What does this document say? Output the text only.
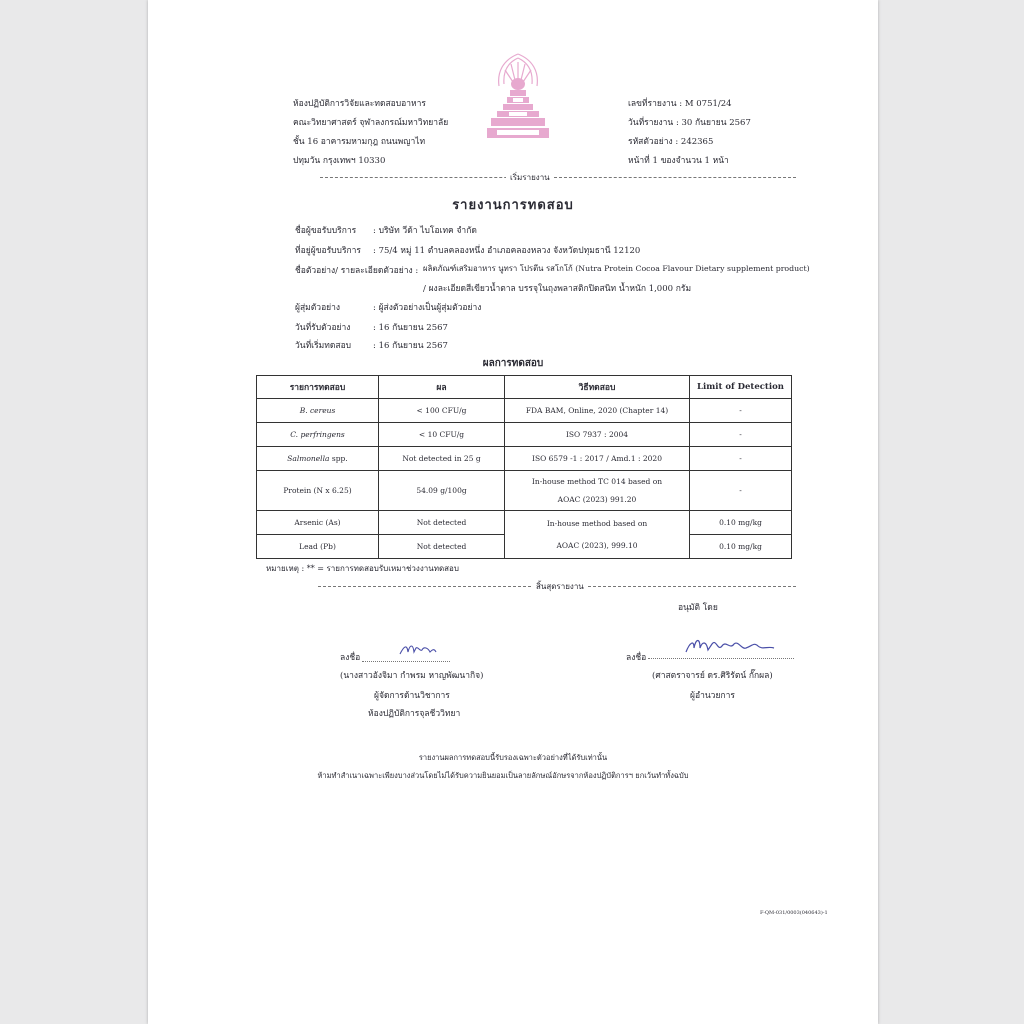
ห้องปฏิบัติการวิจัยและทดสอบอาหาร
คณะวิทยาศาสตร์ จุฬาลงกรณ์มหาวิทยาลัย
ชั้น 16 อาคารมหามกุฎ ถนนพญาไท
ปทุมวัน กรุงเทพฯ 10330
เลขที่รายงาน : M 0751/24
วันที่รายงาน : 30 กันยายน 2567
รหัสตัวอย่าง : 242365
หน้าที่ 1 ของจำนวน 1 หน้า
เริ่มรายงาน
รายงานการทดสอบ
ชื่อผู้ขอรับบริการ : บริษัท วีด้า ไบโอเทค จำกัด
ที่อยู่ผู้ขอรับบริการ : 75/4 หมู่ 11 ตำบลคลองหนึ่ง อำเภอคลองหลวง จังหวัดปทุมธานี 12120
ชื่อตัวอย่าง/ รายละเอียดตัวอย่าง : ผลิตภัณฑ์เสริมอาหาร นูทรา โปรตีน รสโกโก้ (Nutra Protein Cocoa Flavour Dietary supplement product)
/ ผงละเอียดสีเขียวน้ำตาล บรรจุในถุงพลาสติกปิดสนิท น้ำหนัก 1,000 กรัม
ผู้สุ่มตัวอย่าง	: ผู้ส่งตัวอย่างเป็นผู้สุ่มตัวอย่าง
วันที่รับตัวอย่าง	: 16 กันยายน 2567
วันที่เริ่มทดสอบ	: 16 กันยายน 2567
ผลการทดสอบ
รายการทดสอบ	ผล	วิธีทดสอบ	Limit of Detection
B. cereus	< 100 CFU/g	FDA BAM, Online, 2020 (Chapter 14)	-
C. perfringens	< 10 CFU/g	ISO 7937 : 2004	-
Salmonella spp.	Not detected in 25 g	ISO 6579 -1 : 2017 / Amd.1 : 2020	-
Protein (N x 6.25)	54.09 g/100g	In-house method TC 014 based on
AOAC (2023) 991.20	-
Arsenic (As)	Not detected	In-house method based on
AOAC (2023), 999.10	0.10 mg/kg
Lead (Pb)	Not detected		0.10 mg/kg
หมายเหตุ : ** = รายการทดสอบรับเหมาช่วงงานทดสอบ
สิ้นสุดรายงาน
อนุมัติ โดย
ลงชื่อ
(นางสาวอังจิมา กำพรม หาญพัฒนากิจ)
ผู้จัดการด้านวิชาการ
ห้องปฏิบัติการจุลชีววิทยา
ลงชื่อ
(ศาสตราจารย์ ดร.ศิริรัตน์ กั๊กผล)
ผู้อำนวยการ
รายงานผลการทดสอบนี้รับรองเฉพาะตัวอย่างที่ได้รับเท่านั้น
ห้ามทำสำเนาเฉพาะเพียงบางส่วนโดยไม่ได้รับความยินยอมเป็นลายลักษณ์อักษรจากห้องปฏิบัติการฯ ยกเว้นทำทั้งฉบับ
F-QM-031/0003(040643)-1
